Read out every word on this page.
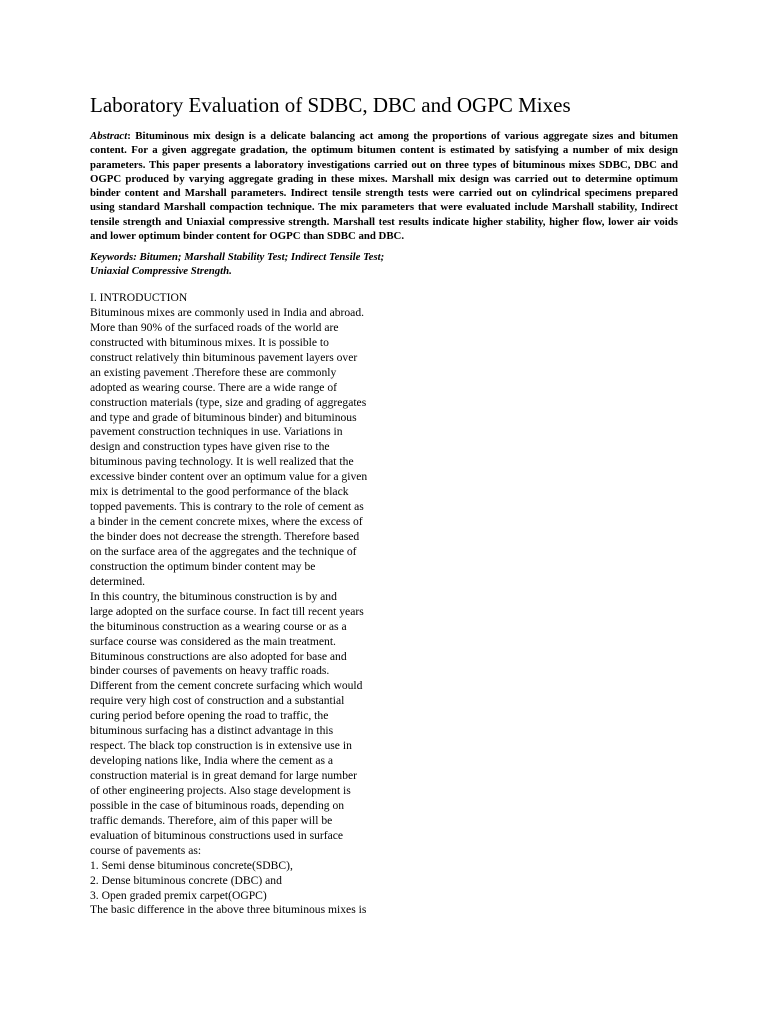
Laboratory Evaluation of SDBC, DBC and OGPC Mixes

Abstract: Bituminous mix design is a delicate balancing act among the proportions of various aggregate sizes and bitumen content. For a given aggregate gradation, the optimum bitumen content is estimated by satisfying a number of mix design parameters. This paper presents a laboratory investigations carried out on three types of bituminous mixes SDBC, DBC and OGPC produced by varying aggregate grading in these mixes. Marshall mix design was carried out to determine optimum binder content and Marshall parameters. Indirect tensile strength tests were carried out on cylindrical specimens prepared using standard Marshall compaction technique. The mix parameters that were evaluated include Marshall stability, Indirect tensile strength and Uniaxial compressive strength. Marshall test results indicate higher stability, higher flow, lower air voids and lower optimum binder content for OGPC than SDBC and DBC.

Keywords: Bitumen; Marshall Stability Test; Indirect Tensile Test; Uniaxial Compressive Strength.

I. INTRODUCTION
Bituminous mixes are commonly used in India and abroad.
More than 90% of the surfaced roads of the world are
constructed with bituminous mixes. It is possible to
construct relatively thin bituminous pavement layers over
an existing pavement .Therefore these are commonly
adopted as wearing course. There are a wide range of
construction materials (type, size and grading of aggregates
and type and grade of bituminous binder) and bituminous
pavement construction techniques in use. Variations in
design and construction types have given rise to the
bituminous paving technology. It is well realized that the
excessive binder content over an optimum value for a given
mix is detrimental to the good performance of the black
topped pavements. This is contrary to the role of cement as
a binder in the cement concrete mixes, where the excess of
the binder does not decrease the strength. Therefore based
on the surface area of the aggregates and the technique of
construction the optimum binder content may be
determined.
In this country, the bituminous construction is by and
large adopted on the surface course. In fact till recent years
the bituminous construction as a wearing course or as a
surface course was considered as the main treatment.
Bituminous constructions are also adopted for base and
binder courses of pavements on heavy traffic roads.
Different from the cement concrete surfacing which would
require very high cost of construction and a substantial
curing period before opening the road to traffic, the
bituminous surfacing has a distinct advantage in this
respect. The black top construction is in extensive use in
developing nations like, India where the cement as a
construction material is in great demand for large number
of other engineering projects. Also stage development is
possible in the case of bituminous roads, depending on
traffic demands. Therefore, aim of this paper will be
evaluation of bituminous constructions used in surface
course of pavements as:
1. Semi dense bituminous concrete(SDBC),
2. Dense bituminous concrete (DBC) and
3. Open graded premix carpet(OGPC)
The basic difference in the above three bituminous mixes is
